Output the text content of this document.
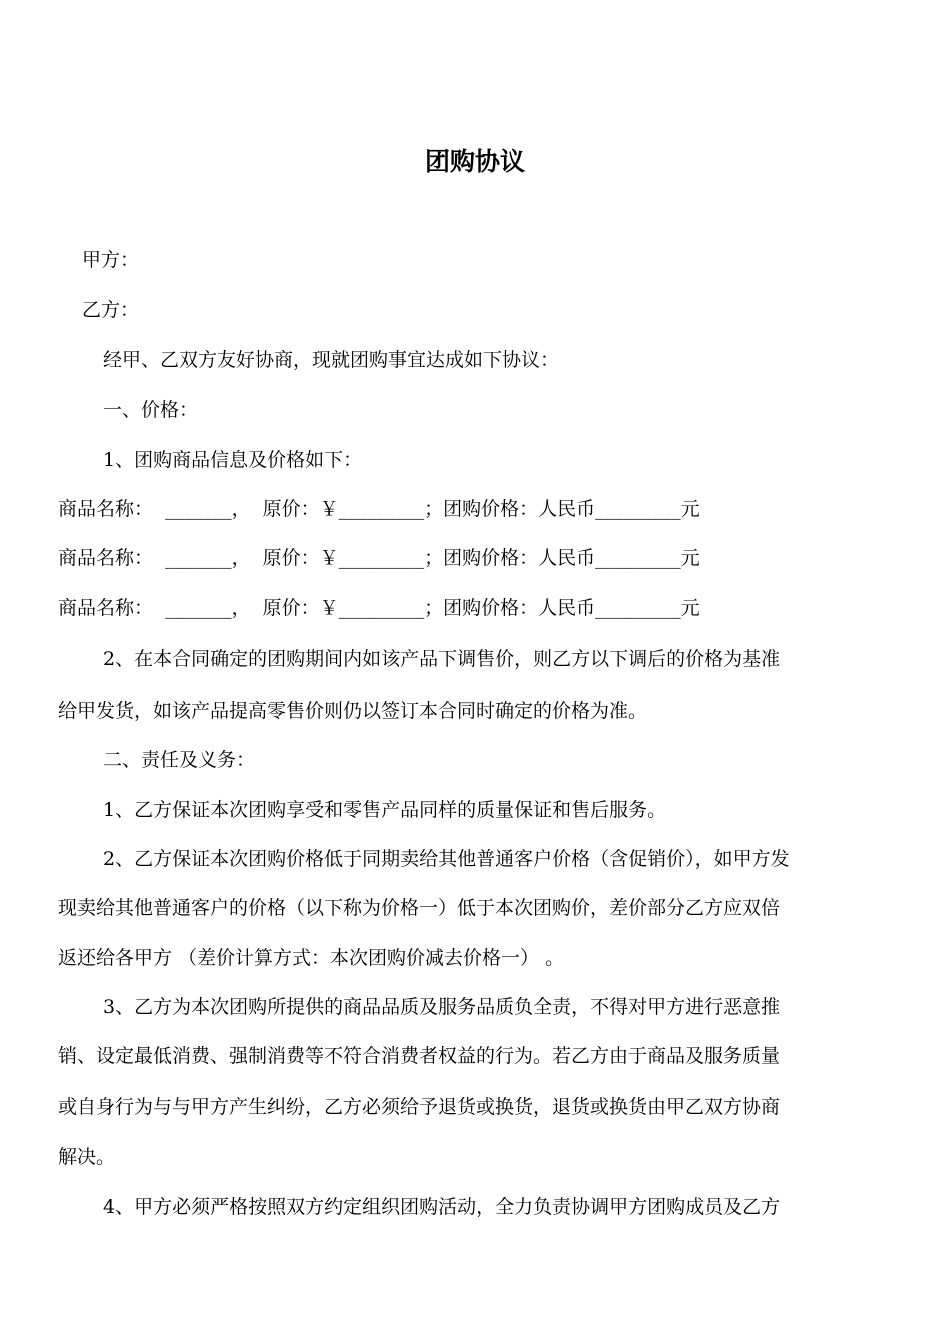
团购协议
甲方：
乙方：
经甲、乙双方友好协商，现就团购事宜达成如下协议：
一、价格：
1、团购商品信息及价格如下：
商品名称：  _______，  原价：￥_________；团购价格：人民币_________元
商品名称：  _______，  原价：￥_________；团购价格：人民币_________元
商品名称：  _______，  原价：￥_________；团购价格：人民币_________元
2、在本合同确定的团购期间内如该产品下调售价，则乙方以下调后的价格为基准
给甲发货，如该产品提高零售价则仍以签订本合同时确定的价格为准。
二、责任及义务：
1、乙方保证本次团购享受和零售产品同样的质量保证和售后服务。
2、乙方保证本次团购价格低于同期卖给其他普通客户价格（含促销价），如甲方发
现卖给其他普通客户的价格（以下称为价格一）低于本次团购价，差价部分乙方应双倍
返还给各甲方 （差价计算方式：本次团购价减去价格一） 。
3、乙方为本次团购所提供的商品品质及服务品质负全责，不得对甲方进行恶意推
销、设定最低消费、强制消费等不符合消费者权益的行为。若乙方由于商品及服务质量
或自身行为与与甲方产生纠纷，乙方必须给予退货或换货，退货或换货由甲乙双方协商
解决。
4、甲方必须严格按照双方约定组织团购活动，全力负责协调甲方团购成员及乙方
